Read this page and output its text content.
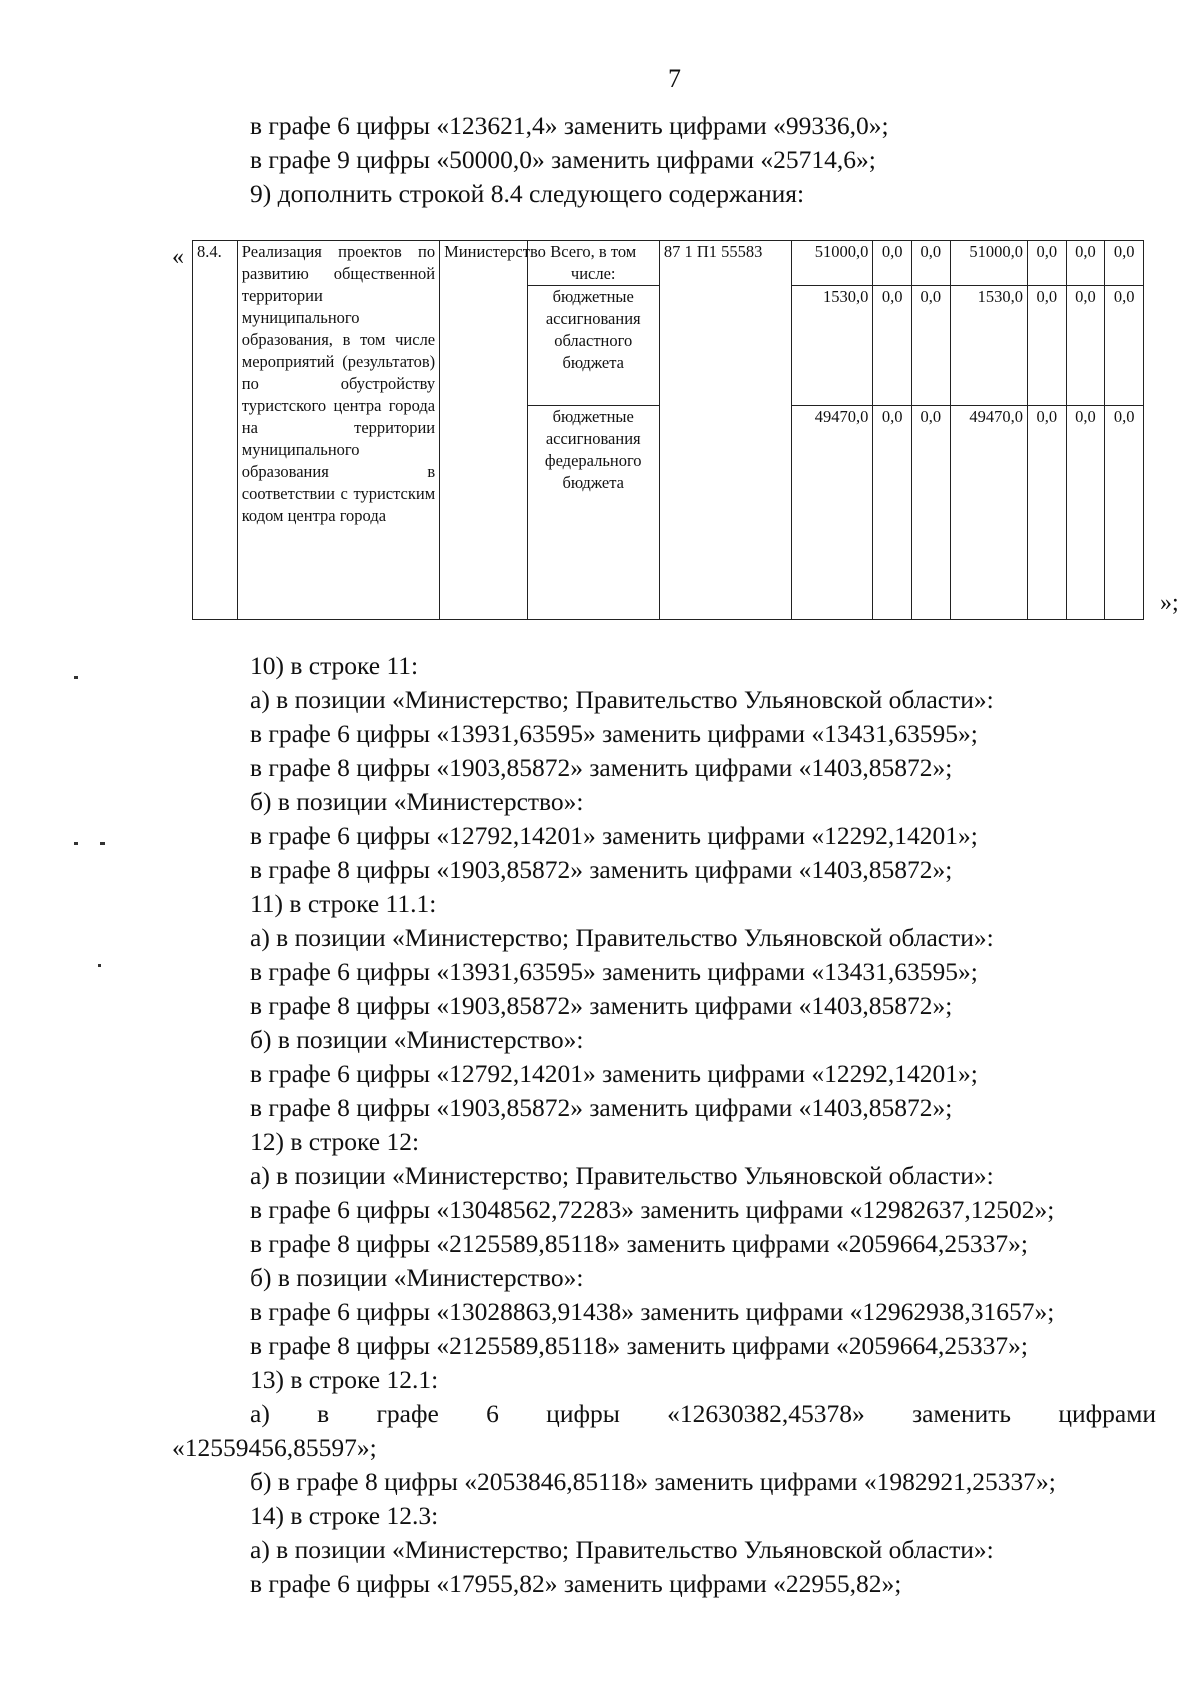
7
в графе 6 цифры «123621,4» заменить цифрами «99336,0»;
в графе 9 цифры «50000,0» заменить цифрами «25714,6»;
9) дополнить строкой 8.4 следующего содержания:
« 8.4.	Реализация проектов по развитию общественной территории муниципального образования, в том числе мероприятий (результатов) по обустройству туристского центра города на территории муниципального образования в соответствии с туристским кодом центра города	Министерство	Всего, в том числе:	87 1 П1 55583	51000,0	0,0	0,0	51000,0	0,0	0,0	0,0
			бюджетные ассигнования областного бюджета		1530,0	0,0	0,0	1530,0	0,0	0,0	0,0
			бюджетные ассигнования федерального бюджета		49470,0	0,0	0,0	49470,0	0,0	0,0	0,0
»;
10) в строке 11:
а) в позиции «Министерство; Правительство Ульяновской области»:
в графе 6 цифры «13931,63595» заменить цифрами «13431,63595»;
в графе 8 цифры «1903,85872» заменить цифрами «1403,85872»;
б) в позиции «Министерство»:
в графе 6 цифры «12792,14201» заменить цифрами «12292,14201»;
в графе 8 цифры «1903,85872» заменить цифрами «1403,85872»;
11) в строке 11.1:
а) в позиции «Министерство; Правительство Ульяновской области»:
в графе 6 цифры «13931,63595» заменить цифрами «13431,63595»;
в графе 8 цифры «1903,85872» заменить цифрами «1403,85872»;
б) в позиции «Министерство»:
в графе 6 цифры «12792,14201» заменить цифрами «12292,14201»;
в графе 8 цифры «1903,85872» заменить цифрами «1403,85872»;
12) в строке 12:
а) в позиции «Министерство; Правительство Ульяновской области»:
в графе 6 цифры «13048562,72283» заменить цифрами «12982637,12502»;
в графе 8 цифры «2125589,85118» заменить цифрами «2059664,25337»;
б) в позиции «Министерство»:
в графе 6 цифры «13028863,91438» заменить цифрами «12962938,31657»;
в графе 8 цифры «2125589,85118» заменить цифрами «2059664,25337»;
13) в строке 12.1:
а) в графе 6 цифры «12630382,45378» заменить цифрами
«12559456,85597»;
б) в графе 8 цифры «2053846,85118» заменить цифрами «1982921,25337»;
14) в строке 12.3:
а) в позиции «Министерство; Правительство Ульяновской области»:
в графе 6 цифры «17955,82» заменить цифрами «22955,82»;
